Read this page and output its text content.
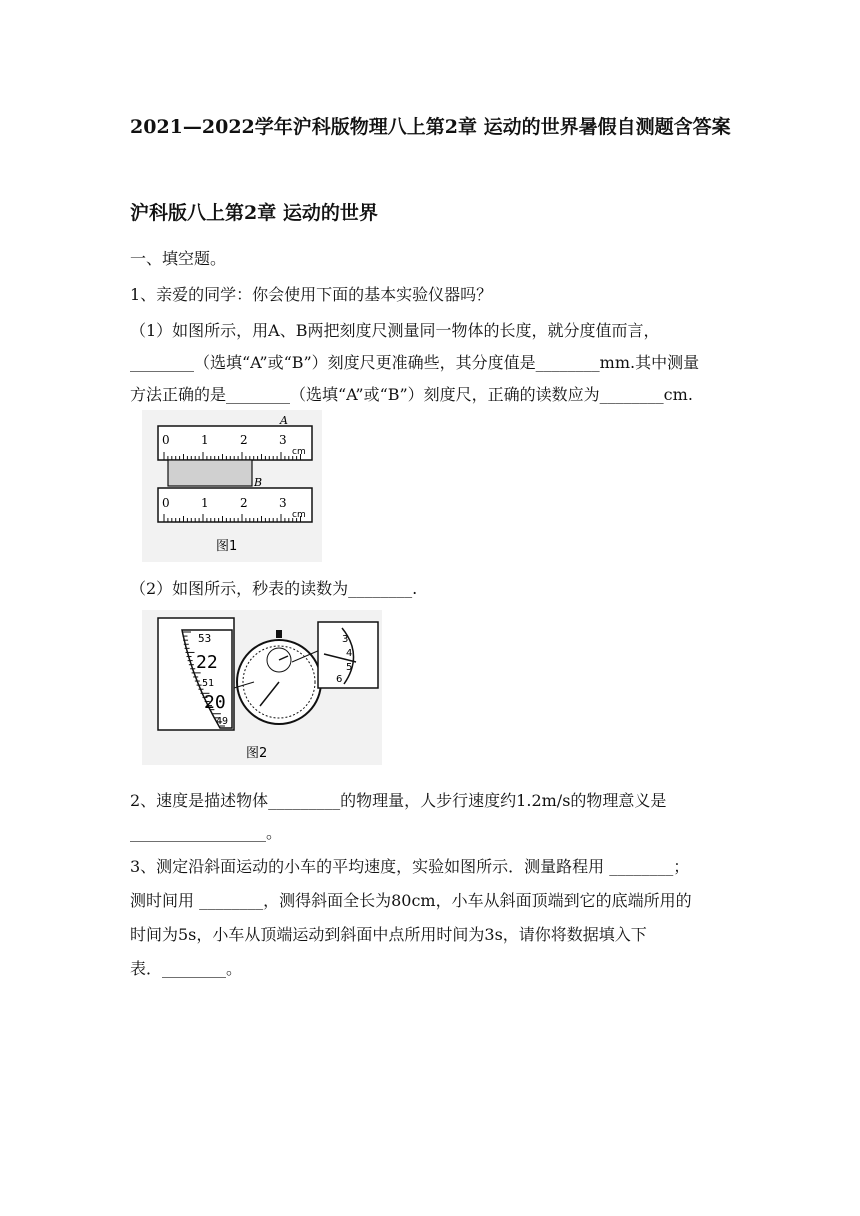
2021—2022学年沪科版物理八上第2章 运动的世界暑假自测题含答案
沪科版八上第2章 运动的世界
一、填空题。
1、亲爱的同学：你会使用下面的基本实验仪器吗？
（1）如图所示，用A、B两把刻度尺测量同一物体的长度，就分度值而言，
________（选填“A”或“B”）刻度尺更准确些，其分度值是________mm.其中测量
方法正确的是________（选填“A”或“B”）刻度尺，正确的读数应为________cm.
A
0	1	2	3
cm
B
0	1	2	3
cm
图1
（2）如图所示，秒表的读数为________.
53
22
51
20
49
3
4
5
6
图2
2、速度是描述物体_________的物理量，人步行速度约1.2m/s的物理意义是
_________________。
3、测定沿斜面运动的小车的平均速度，实验如图所示．测量路程用 ________；
测时间用 ________，测得斜面全长为80cm，小车从斜面顶端到它的底端所用的
时间为5s，小车从顶端运动到斜面中点所用时间为3s，请你将数据填入下
表．________。
